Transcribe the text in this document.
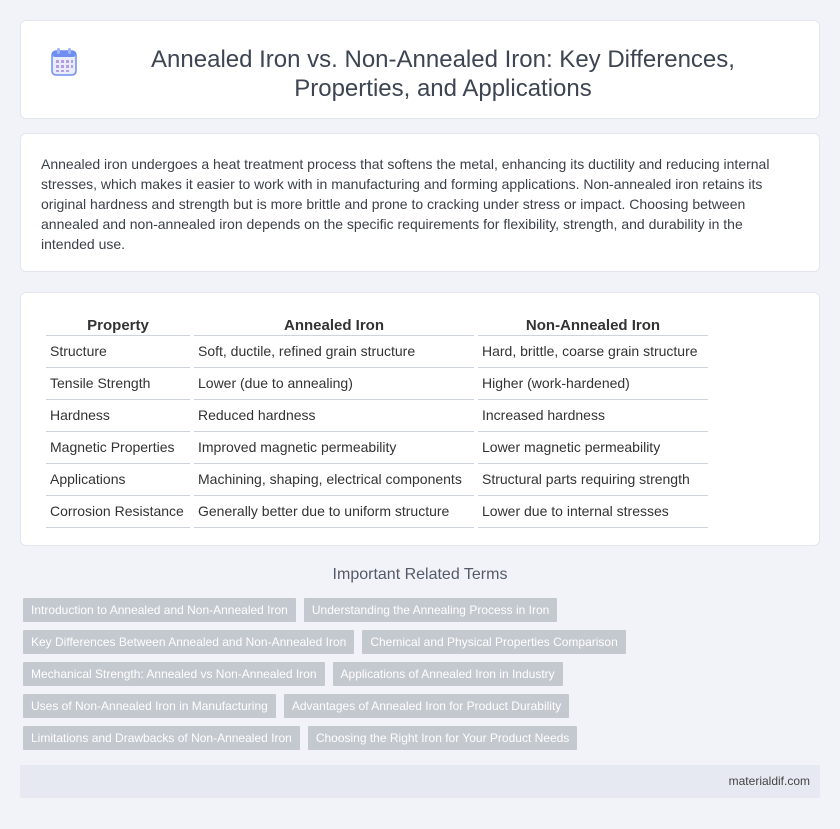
Annealed Iron vs. Non-Annealed Iron: Key Differences, Properties, and Applications

Annealed iron undergoes a heat treatment process that softens the metal, enhancing its ductility and reducing internal stresses, which makes it easier to work with in manufacturing and forming applications. Non-annealed iron retains its original hardness and strength but is more brittle and prone to cracking under stress or impact. Choosing between annealed and non-annealed iron depends on the specific requirements for flexibility, strength, and durability in the intended use.

Property	Annealed Iron	Non-Annealed Iron
Structure	Soft, ductile, refined grain structure	Hard, brittle, coarse grain structure
Tensile Strength	Lower (due to annealing)	Higher (work-hardened)
Hardness	Reduced hardness	Increased hardness
Magnetic Properties	Improved magnetic permeability	Lower magnetic permeability
Applications	Machining, shaping, electrical components	Structural parts requiring strength
Corrosion Resistance	Generally better due to uniform structure	Lower due to internal stresses
Important Related Terms
Introduction to Annealed and Non-Annealed Iron	Understanding the Annealing Process in Iron
Key Differences Between Annealed and Non-Annealed Iron	Chemical and Physical Properties Comparison
Mechanical Strength: Annealed vs Non-Annealed Iron	Applications of Annealed Iron in Industry
Uses of Non-Annealed Iron in Manufacturing	Advantages of Annealed Iron for Product Durability
Limitations and Drawbacks of Non-Annealed Iron	Choosing the Right Iron for Your Product Needs
materialdif.com
